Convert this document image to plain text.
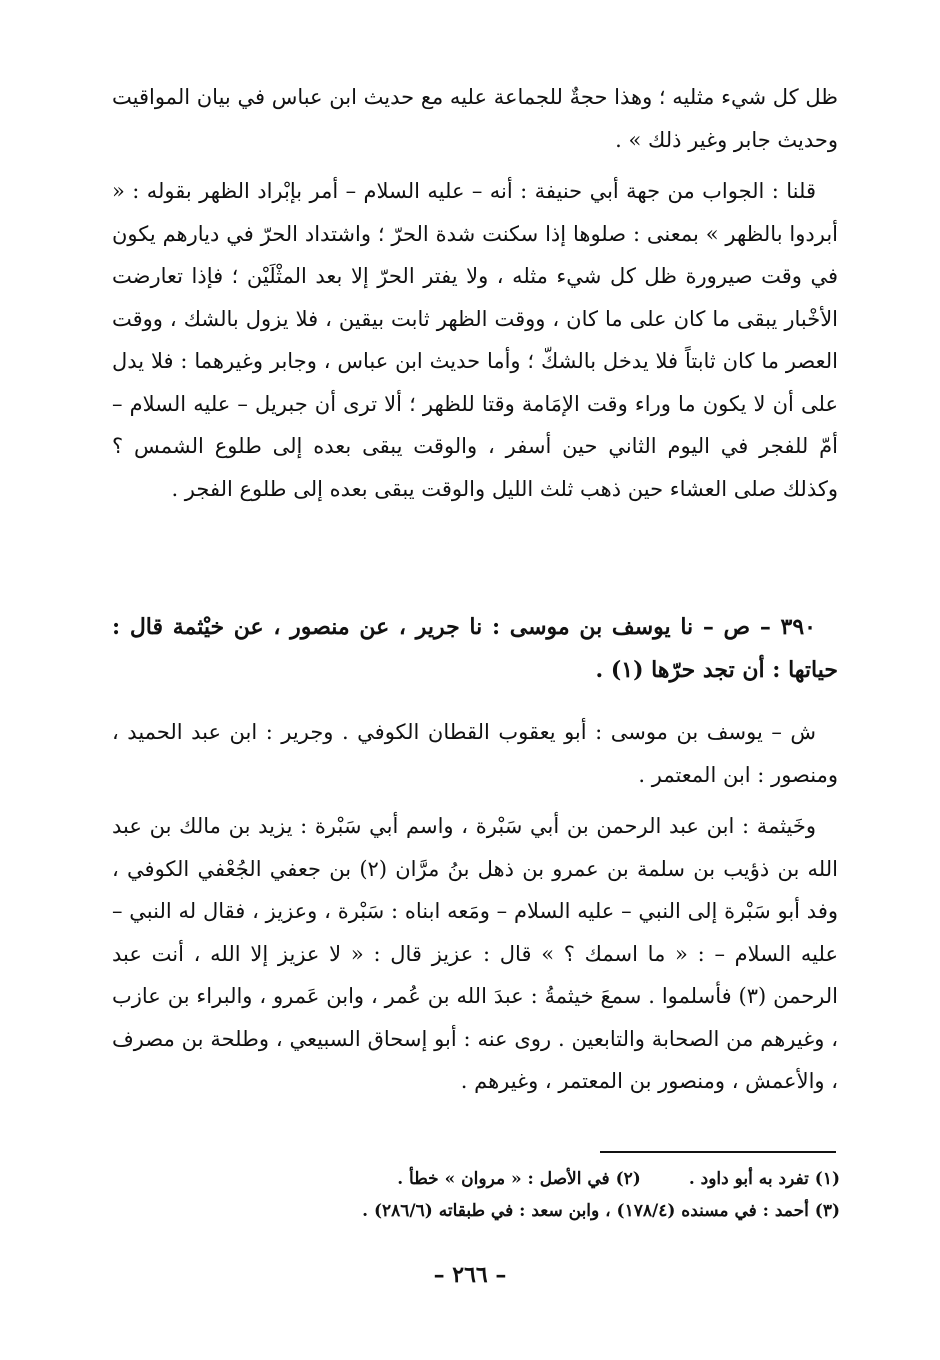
ظل كل شيء مثليه ؛ وهذا حجةٌ للجماعة عليه مع حديث ابن عباس في بيان المواقيت وحديث جابر وغير ذلك » .

قلنا : الجواب من جهة أبي حنيفة : أنه – عليه السلام – أمر بإبْراد الظهر بقوله : « أبردوا بالظهر » بمعنى : صلوها إذا سكنت شدة الحرّ ؛ واشتداد الحرّ في ديارهم يكون في وقت صيرورة ظل كل شيء مثله ، ولا يفتر الحرّ إلا بعد المثْلَيْن ؛ فإذا تعارضت الأخْبار يبقى ما كان على ما كان ، ووقت الظهر ثابت بيقين ، فلا يزول بالشك ، ووقت العصر ما كان ثابتاً فلا يدخل بالشكّ ؛ وأما حديث ابن عباس ، وجابر وغيرهما : فلا يدل على أن لا يكون ما وراء وقت الإمَامة وقتا للظهر ؛ ألا ترى أن جبريل – عليه السلام – أمّ للفجر في اليوم الثاني حين أسفر ، والوقت يبقى بعده إلى طلوع الشمس ؟ وكذلك صلى العشاء حين ذهب ثلث الليل والوقت يبقى بعده إلى طلوع الفجر .

٣٩٠ – ص – نا يوسف بن موسى : نا جرير ، عن منصور ، عن خيْثمة قال : حياتها : أن تجد حرّها (١) .

ش – يوسف بن موسى : أبو يعقوب القطان الكوفي . وجرير : ابن عبد الحميد ، ومنصور : ابن المعتمر .

وخَيثمة : ابن عبد الرحمن بن أبي سَبْرة ، واسم أبي سَبْرة : يزيد بن مالك بن عبد الله بن ذؤيب بن سلمة بن عمرو بن ذهل بنُ مرَّان (٢) بن جعفي الجُعْفي الكوفي ، وفد أبو سَبْرة إلى النبي – عليه السلام – ومَعه ابناه : سَبْرة ، وعزيز ، فقال له النبي – عليه السلام – : « ما اسمك ؟ » قال : عزيز قال : « لا عزيز إلا الله ، أنت عبد الرحمن (٣) فأسلموا . سمعَ خيثمةُ : عبدَ الله بن عُمر ، وابن عَمرو ، والبراء بن عازب ، وغيرهم من الصحابة والتابعين . روى عنه : أبو إسحاق السبيعي ، وطلحة بن مصرف ، والأعمش ، ومنصور بن المعتمر ، وغيرهم .

(١) تفرد به أبو داود .(٢) في الأصل : « مروان » خطأ .
(٣) أحمد : في مسنده (١٧٨/٤) ، وابن سعد : في طبقاته (٢٨٦/٦) .
– ٢٦٦ –
